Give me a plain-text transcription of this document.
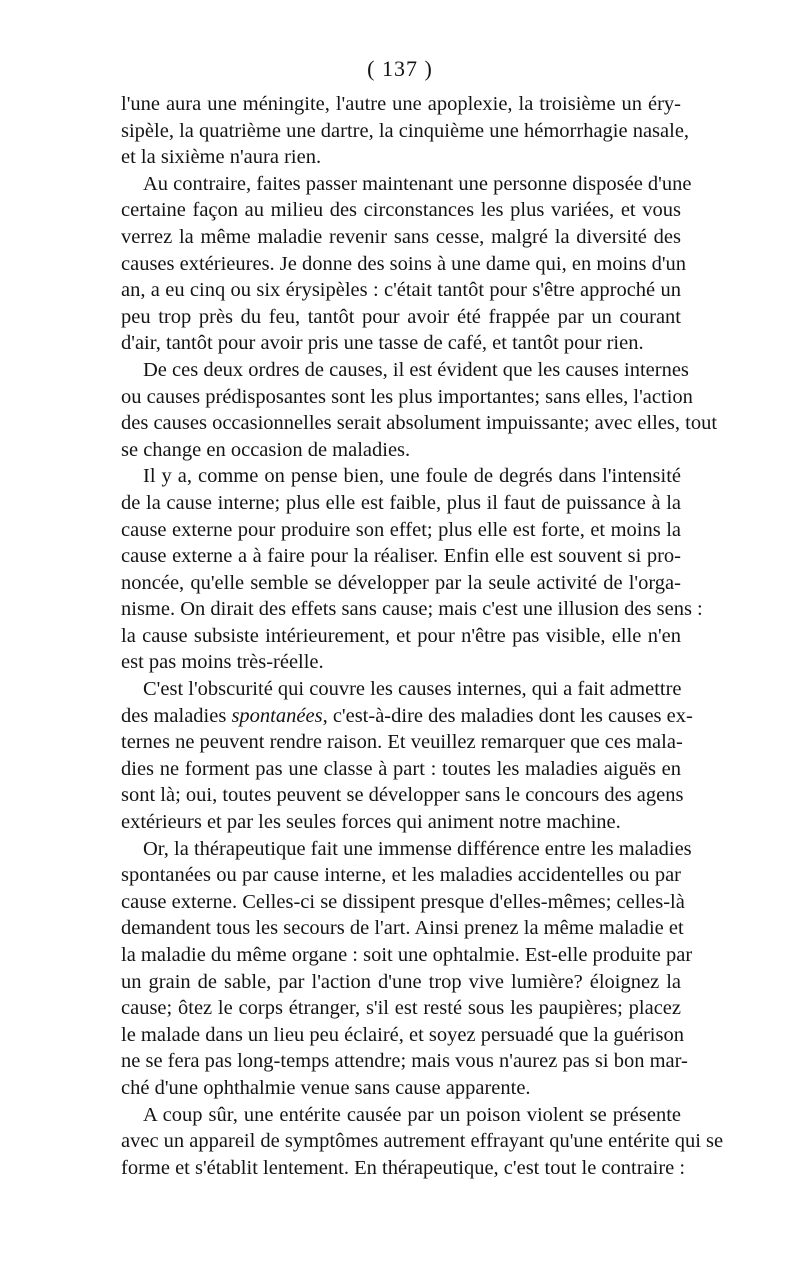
( 137 )
l'une aura une méningite, l'autre une apoplexie, la troisième un éry-
sipèle, la quatrième une dartre, la cinquième une hémorrhagie nasale,
et la sixième n'aura rien.
Au contraire, faites passer maintenant une personne disposée d'une
certaine façon au milieu des circonstances les plus variées, et vous
verrez la même maladie revenir sans cesse, malgré la diversité des
causes extérieures. Je donne des soins à une dame qui, en moins d'un
an, a eu cinq ou six érysipèles : c'était tantôt pour s'être approché un
peu trop près du feu, tantôt pour avoir été frappée par un courant
d'air, tantôt pour avoir pris une tasse de café, et tantôt pour rien.
De ces deux ordres de causes, il est évident que les causes internes
ou causes prédisposantes sont les plus importantes; sans elles, l'action
des causes occasionnelles serait absolument impuissante; avec elles, tout
se change en occasion de maladies.
Il y a, comme on pense bien, une foule de degrés dans l'intensité
de la cause interne; plus elle est faible, plus il faut de puissance à la
cause externe pour produire son effet; plus elle est forte, et moins la
cause externe a à faire pour la réaliser. Enfin elle est souvent si pro-
noncée, qu'elle semble se développer par la seule activité de l'orga-
nisme. On dirait des effets sans cause; mais c'est une illusion des sens :
la cause subsiste intérieurement, et pour n'être pas visible, elle n'en
est pas moins très-réelle.
C'est l'obscurité qui couvre les causes internes, qui a fait admettre
des maladies spontanées, c'est-à-dire des maladies dont les causes ex-
ternes ne peuvent rendre raison. Et veuillez remarquer que ces mala-
dies ne forment pas une classe à part : toutes les maladies aiguës en
sont là; oui, toutes peuvent se développer sans le concours des agens
extérieurs et par les seules forces qui animent notre machine.
Or, la thérapeutique fait une immense différence entre les maladies
spontanées ou par cause interne, et les maladies accidentelles ou par
cause externe. Celles-ci se dissipent presque d'elles-mêmes; celles-là
demandent tous les secours de l'art. Ainsi prenez la même maladie et
la maladie du même organe : soit une ophtalmie. Est-elle produite par
un grain de sable, par l'action d'une trop vive lumière? éloignez la
cause; ôtez le corps étranger, s'il est resté sous les paupières; placez
le malade dans un lieu peu éclairé, et soyez persuadé que la guérison
ne se fera pas long-temps attendre; mais vous n'aurez pas si bon mar-
ché d'une ophthalmie venue sans cause apparente.
A coup sûr, une entérite causée par un poison violent se présente
avec un appareil de symptômes autrement effrayant qu'une entérite qui se
forme et s'établit lentement. En thérapeutique, c'est tout le contraire :
